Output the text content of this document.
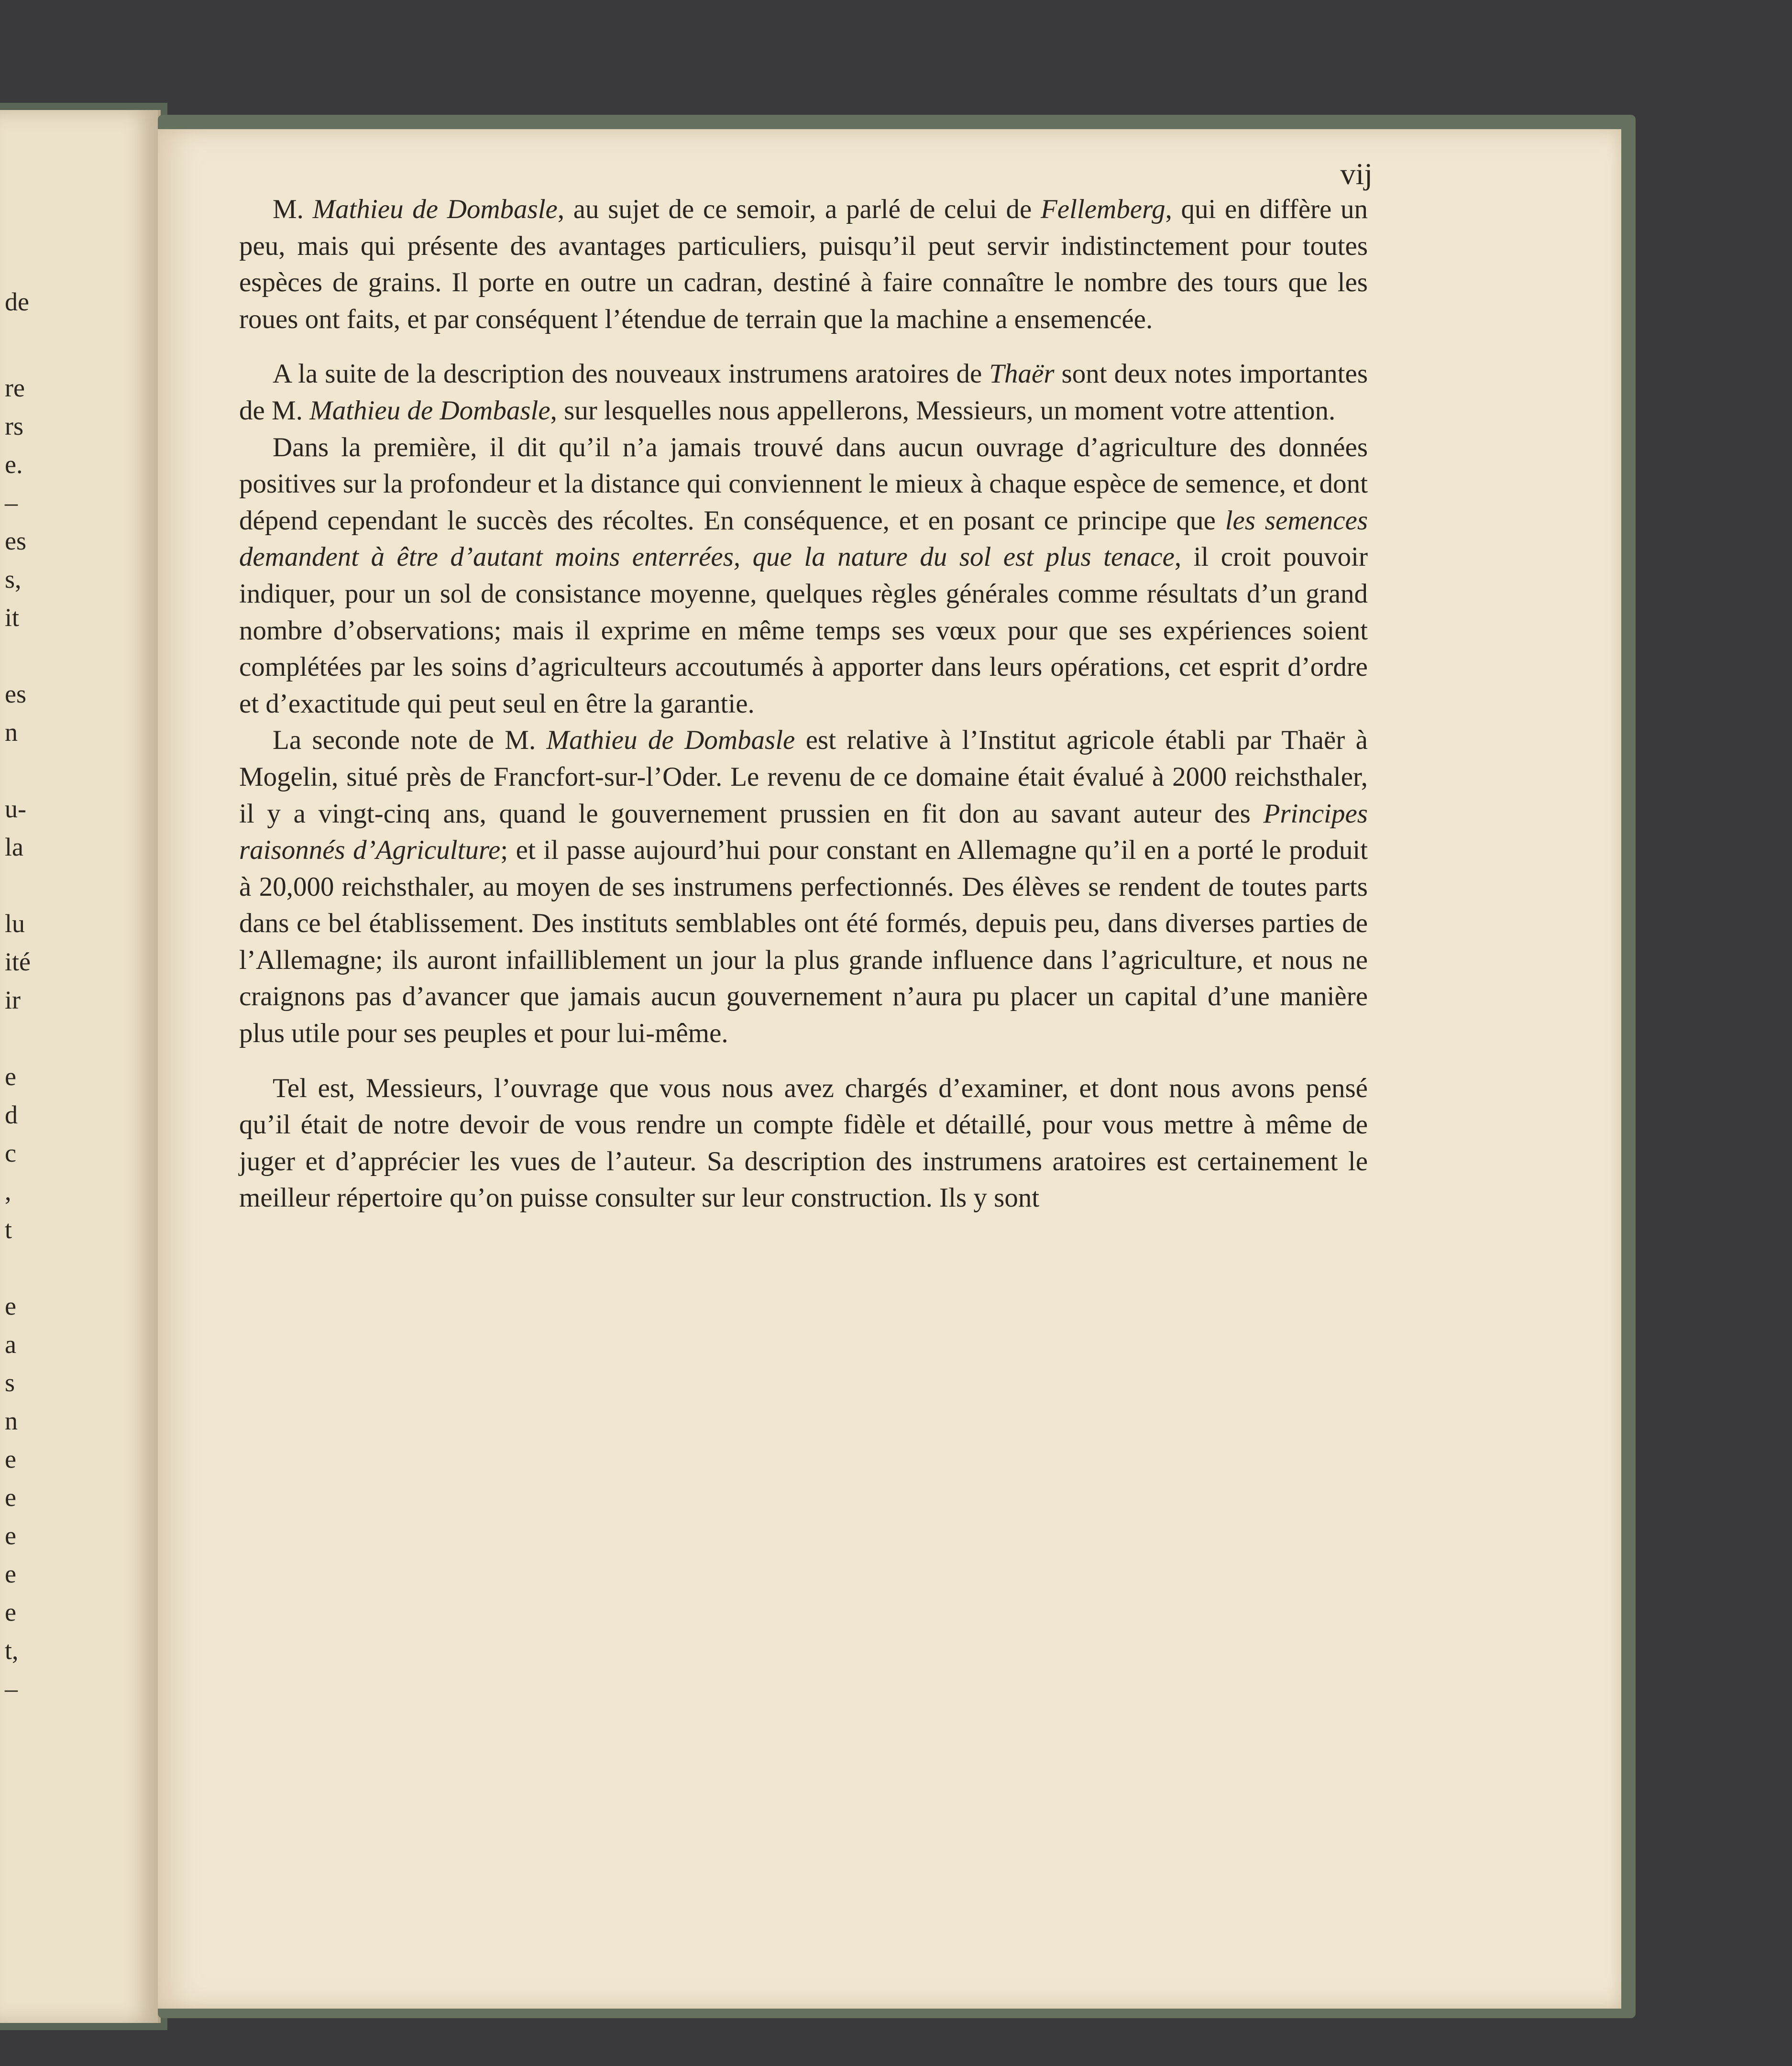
vij

M. Mathieu de Dombasle, au sujet de ce semoir, a parlé de celui de Fellemberg, qui en diffère un peu, mais qui présente des avantages particuliers, puisqu’il peut servir indistinctement pour toutes espèces de grains. Il porte en outre un cadran, destiné à faire connaître le nombre des tours que les roues ont faits, et par conséquent l’étendue de terrain que la machine a ensemencée.

A la suite de la description des nouveaux instrumens aratoires de Thaër sont deux notes importantes de M. Mathieu de Dombasle, sur lesquelles nous appellerons, Messieurs, un moment votre attention.

Dans la première, il dit qu’il n’a jamais trouvé dans aucun ouvrage d’agriculture des données positives sur la profondeur et la distance qui conviennent le mieux à chaque espèce de semence, et dont dépend cependant le succès des récoltes. En conséquence, et en posant ce principe que les semences demandent à être d’autant moins enterrées, que la nature du sol est plus tenace, il croit pouvoir indiquer, pour un sol de consistance moyenne, quelques règles générales comme résultats d’un grand nombre d’observations; mais il exprime en même temps ses vœux pour que ses expériences soient complétées par les soins d’agriculteurs accoutumés à apporter dans leurs opérations, cet esprit d’ordre et d’exactitude qui peut seul en être la garantie.

La seconde note de M. Mathieu de Dombasle est relative à l’Institut agricole établi par Thaër à Mogelin, situé près de Francfort-sur-l’Oder. Le revenu de ce domaine était évalué à 2000 reichsthaler, il y a vingt-cinq ans, quand le gouvernement prussien en fit don au savant auteur des Principes raisonnés d’Agriculture; et il passe aujourd’hui pour constant en Allemagne qu’il en a porté le produit à 20,000 reichsthaler, au moyen de ses instrumens perfectionnés. Des élèves se rendent de toutes parts dans ce bel établissement. Des instituts semblables ont été formés, depuis peu, dans diverses parties de l’Allemagne; ils auront infailliblement un jour la plus grande influence dans l’agriculture, et nous ne craignons pas d’avancer que jamais aucun gouvernement n’aura pu placer un capital d’une manière plus utile pour ses peuples et pour lui-même.

Tel est, Messieurs, l’ouvrage que vous nous avez chargés d’examiner, et dont nous avons pensé qu’il était de notre devoir de vous rendre un compte fidèle et détaillé, pour vous mettre à même de juger et d’apprécier les vues de l’auteur. Sa description des instrumens aratoires est certainement le meilleur répertoire qu’on puisse consulter sur leur construction. Ils y sont

de
re
rs
e.
–
es
s,
it
es
n
u-
la
lu
ité
ir
e
d
c
,
t
e
a
s
n
e
e
e
e
e
t,
–
